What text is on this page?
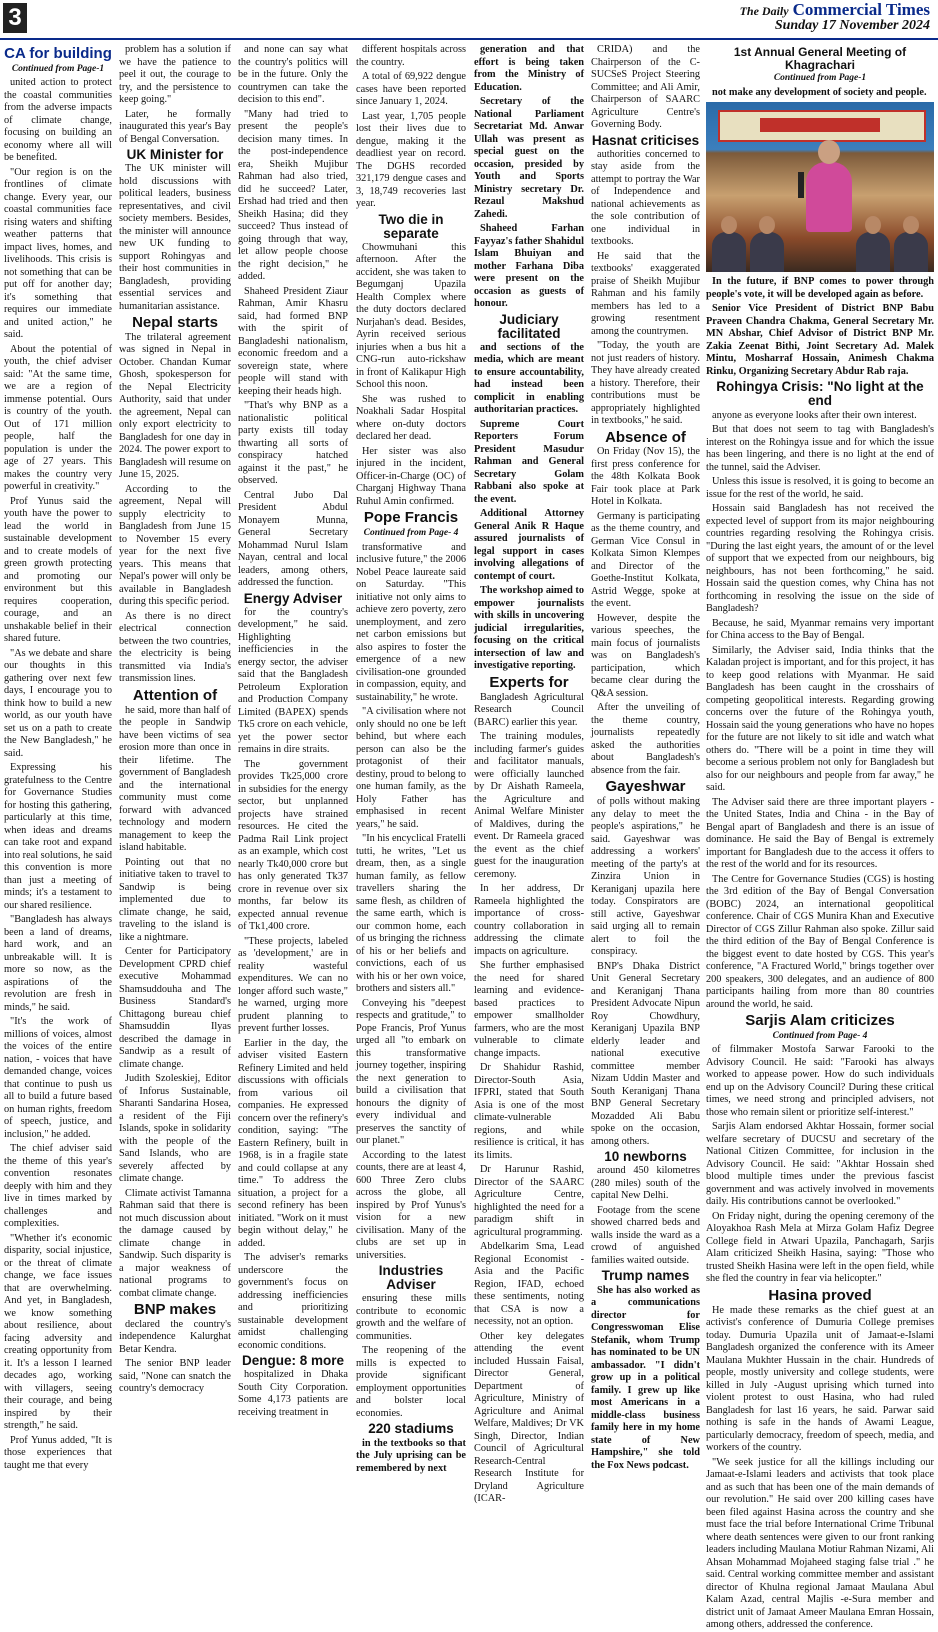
3	The Daily Commercial Times
Sunday 17 November 2024
CA for building
Continued from Page-1

united action to protect the coastal communities from the adverse impacts of climate change, focusing on building an economy where all will be benefited.

"Our region is on the frontlines of climate change. Every year, our coastal communities face rising waters and shifting weather patterns that impact lives, homes, and livelihoods. This crisis is not something that can be put off for another day; it's something that requires our immediate and united action," he said.

About the potential of youth, the chief adviser said: "At the same time, we are a region of immense potential. Ours is country of the youth. Out of 171 million people, half the population is under the age of 27 years. This makes the country very powerful in creativity."

Prof Yunus said the youth have the power to lead the world in sustainable development and to create models of green growth protecting and promoting our environment but this requires cooperation, courage, and an unshakable belief in their shared future.

"As we debate and share our thoughts in this gathering over next few days, I encourage you to think how to build a new world, as our youth have set us on a path to create the New Bangladesh," he said.

Expressing his gratefulness to the Centre for Governance Studies for hosting this gathering, particularly at this time, when ideas and dreams can take root and expand into real solutions, he said this convention is more than just a meeting of minds; it's a testament to our shared resilience.

"Bangladesh has always been a land of dreams, hard work, and an unbreakable will. It is more so now, as the aspirations of the revolution are fresh in minds," he said.

"It's the work of millions of voices, almost the voices of the entire nation, - voices that have demanded change, voices that continue to push us all to build a future based on human rights, freedom of speech, justice, and inclusion," he added.

The chief adviser said the theme of this year's convention resonates deeply with him and they live in times marked by challenges and complexities.

"Whether it's economic disparity, social injustice, or the threat of climate change, we face issues that are overwhelming. And yet, in Bangladesh, we know something about resilience, about facing adversity and creating opportunity from it. It's a lesson I learned decades ago, working with villagers, seeing their courage, and being inspired by their strength," he said.

Prof Yunus added, "It is those experiences that taught me that every

problem has a solution if we have the patience to peel it out, the courage to try, and the persistence to keep going."

Later, he formally inaugurated this year's Bay of Bengal Conversation.

UK Minister for

The UK minister will hold discussions with political leaders, business representatives, and civil society members. Besides, the minister will announce new UK funding to support Rohingyas and their host communities in Bangladesh, providing essential services and humanitarian assistance.

Nepal starts

The trilateral agreement was signed in Nepal in October. Chandan Kumar Ghosh, spokesperson for the Nepal Electricity Authority, said that under the agreement, Nepal can only export electricity to Bangladesh for one day in 2024. The power export to Bangladesh will resume on June 15, 2025.

According to the agreement, Nepal will supply electricity to Bangladesh from June 15 to November 15 every year for the next five years. This means that Nepal's power will only be available in Bangladesh during this specific period.

As there is no direct electrical connection between the two countries, the electricity is being transmitted via India's transmission lines.

Attention of

he said, more than half of the people in Sandwip have been victims of sea erosion more than once in their lifetime. The government of Bangladesh and the international community must come forward with advanced technology and modern management to keep the island habitable.

Pointing out that no initiative taken to travel to Sandwip is being implemented due to climate change, he said, traveling to the island is like a nightmare.

Center for Participatory Development CPRD chief executive Mohammad Shamsuddouha and The Business Standard's Chittagong bureau chief Shamsuddin Ilyas described the damage in Sandwip as a result of climate change.

Judith Szoleskiej, Editor of Inforus Sustainable, Sharanti Sandarina Hosea, a resident of the Fiji Islands, spoke in solidarity with the people of the Sand Islands, who are severely affected by climate change.

Climate activist Tamanna Rahman said that there is not much discussion about the damage caused by climate change in Sandwip. Such disparity is a major weakness of national programs to combat climate change.

BNP makes

declared the country's independence Kalurghat Betar Kendra.

The senior BNP leader said, "None can snatch the country's democracy

and none can say what the country's politics will be in the future. Only the countrymen can take the decision to this end".

"Many had tried to present the people's decision many times. In the post-independence era, Sheikh Mujibur Rahman had also tried, did he succeed? Later, Ershad had tried and then Sheikh Hasina; did they succeed? Thus instead of going through that way, let allow people choose the right decision," he added.

Shaheed President Ziaur Rahman, Amir Khasru said, had formed BNP with the spirit of Bangladeshi nationalism, economic freedom and a sovereign state, where people will stand with keeping their heads high.

"That's why BNP as a nationalistic political party exists till today thwarting all sorts of conspiracy hatched against it the past," he observed.

Central Jubo Dal President Abdul Monayem Munna, General Secretary Mohammad Nurul Islam Nayan, central and local leaders, among others, addressed the function.

Energy Adviser

for the country's development," he said. Highlighting inefficiencies in the energy sector, the adviser said that the Bangladesh Petroleum Exploration and Production Company Limited (BAPEX) spends Tk5 crore on each vehicle, yet the power sector remains in dire straits.

The government provides Tk25,000 crore in subsidies for the energy sector, but unplanned projects have strained resources. He cited the Padma Rail Link project as an example, which cost nearly Tk40,000 crore but has only generated Tk37 crore in revenue over six months, far below its expected annual revenue of Tk1,400 crore.

"These projects, labeled as 'development,' are in reality wasteful expenditures. We can no longer afford such waste," he warned, urging more prudent planning to prevent further losses.

Earlier in the day, the adviser visited Eastern Refinery Limited and held discussions with officials from various oil companies. He expressed concern over the refinery's condition, saying: "The Eastern Refinery, built in 1968, is in a fragile state and could collapse at any time." To address the situation, a project for a second refinery has been initiated. "Work on it must begin without delay," he added.

The adviser's remarks underscore the government's focus on addressing inefficiencies and prioritizing sustainable development amidst challenging economic conditions.

Dengue: 8 more

hospitalized in Dhaka South City Corporation. Some 4,173 patients are receiving treatment in

different hospitals across the country.

A total of 69,922 dengue cases have been reported since January 1, 2024.

Last year, 1,705 people lost their lives due to dengue, making it the deadliest year on record. The DGHS recorded 321,179 dengue cases and 3, 18,749 recoveries last year.

Two die in separate

Chowmuhani this afternoon. After the accident, she was taken to Begumganj Upazila Health Complex where the duty doctors declared Nurjahan's dead. Besides, Ayrin received serious injuries when a bus hit a CNG-run auto-rickshaw in front of Kalikapur High School this noon.

She was rushed to Noakhali Sadar Hospital where on-duty doctors declared her dead.

Her sister was also injured in the incident, Officer-in-Charge (OC) of Charganj Highway Thana Ruhul Amin confirmed.

Pope Francis
Continued from Page- 4

transformative and inclusive future," the 2006 Nobel Peace laureate said on Saturday. "This initiative not only aims to achieve zero poverty, zero unemployment, and zero net carbon emissions but also aspires to foster the emergence of a new civilisation-one grounded in compassion, equity, and sustainability," he wrote.

"A civilisation where not only should no one be left behind, but where each person can also be the protagonist of their destiny, proud to belong to one human family, as the Holy Father has emphasised in recent years," he said.

"In his encyclical Fratelli tutti, he writes, "Let us dream, then, as a single human family, as fellow travellers sharing the same flesh, as children of the same earth, which is our common home, each of us bringing the richness of his or her beliefs and convictions, each of us with his or her own voice, brothers and sisters all."

Conveying his "deepest respects and gratitude," to Pope Francis, Prof Yunus urged all "to embark on this transformative journey together, inspiring the next generation to build a civilisation that honours the dignity of every individual and preserves the sanctity of our planet."

According to the latest counts, there are at least 4, 600 Three Zero clubs across the globe, all inspired by Prof Yunus's vision for a new civilisation. Many of the clubs are set up in universities.

Industries Adviser

ensuring these mills contribute to economic growth and the welfare of communities.

The reopening of the mills is expected to provide significant employment opportunities and bolster local economies.

220 stadiums

in the textbooks so that the July uprising can be remembered by next

generation and that effort is being taken from the Ministry of Education.

Secretary of the National Parliament Secretariat Md. Anwar Ullah was present as special guest on the occasion, presided by Youth and Sports Ministry secretary Dr. Rezaul Makshud Zahedi.

Shaheed Farhan Fayyaz's father Shahidul Islam Bhuiyan and mother Farhana Diba were present on the occasion as guests of honour.

Judiciary facilitated

and sections of the media, which are meant to ensure accountability, had instead been complicit in enabling authoritarian practices.

Supreme Court Reporters Forum President Masudur Rahman and General Secretary Golam Rabbani also spoke at the event.

Additional Attorney General Anik R Haque assured journalists of legal support in cases involving allegations of contempt of court.

The workshop aimed to empower journalists with skills in uncovering judicial irregularities, focusing on the critical intersection of law and investigative reporting.

Experts for

Bangladesh Agricultural Research Council (BARC) earlier this year.

The training modules, including farmer's guides and facilitator manuals, were officially launched by Dr Aishath Rameela, the Agriculture and Animal Welfare Minister of Maldives, during the event. Dr Rameela graced the event as the chief guest for the inauguration ceremony.

In her address, Dr Rameela highlighted the importance of cross-country collaboration in addressing the climate impacts on agriculture.

She further emphasised the need for shared learning and evidence-based practices to empower smallholder farmers, who are the most vulnerable to climate change impacts.

Dr Shahidur Rashid, Director-South Asia, IFPRI, stated that South Asia is one of the most climate-vulnerable regions, and while resilience is critical, it has its limits.

Dr Harunur Rashid, Director of the SAARC Agriculture Centre, highlighted the need for a paradigm shift in agricultural programming.

Abdelkarim Sma, Lead Regional Economist - Asia and the Pacific Region, IFAD, echoed these sentiments, noting that CSA is now a necessity, not an option.

Other key delegates attending the event included Hussain Faisal, Director General, Department of Agriculture, Ministry of Agriculture and Animal Welfare, Maldives; Dr VK Singh, Director, Indian Council of Agricultural Research-Central Research Institute for Dryland Agriculture (ICAR-

CRIDA) and the Chairperson of the C-SUCSeS Project Steering Committee; and Ali Amir, Chairperson of SAARC Agriculture Centre's Governing Body.

Hasnat criticises

authorities concerned to stay aside from the attempt to portray the War of Independence and national achievements as the sole contribution of one individual in textbooks.

He said that the textbooks' exaggerated praise of Sheikh Mujibur Rahman and his family members has led to a growing resentment among the countrymen.

"Today, the youth are not just readers of history. They have already created a history. Therefore, their contributions must be appropriately highlighted in textbooks," he said.

Absence of

On Friday (Nov 15), the first press conference for the 48th Kolkata Book Fair took place at Park Hotel in Kolkata.

Germany is participating as the theme country, and German Vice Consul in Kolkata Simon Klempes and Director of the Goethe-Institut Kolkata, Astrid Wegge, spoke at the event.

However, despite the various speeches, the main focus of journalists was on Bangladesh's participation, which became clear during the Q&A session.

After the unveiling of the theme country, journalists repeatedly asked the authorities about Bangladesh's absence from the fair.

Gayeshwar

of polls without making any delay to meet the people's aspirations," he said. Gayeshwar was addressing a workers' meeting of the party's at Zinzira Union in Keraniganj upazila here today. Conspirators are still active, Gayeshwar said urging all to remain alert to foil the conspiracy.

BNP's Dhaka District Unit General Secretary and Keraniganj Thana President Advocate Nipun Roy Chowdhury, Keraniganj Upazila BNP elderly leader and national executive committee member Nizam Uddin Master and South Keraniganj Thana BNP General Secretary Mozadded Ali Babu spoke on the occasion, among others.

10 newborns

around 450 kilometres (280 miles) south of the capital New Delhi.

Footage from the scene showed charred beds and walls inside the ward as a crowd of anguished families waited outside.

Trump names

She has also worked as a communications director for Congresswoman Elise Stefanik, whom Trump has nominated to be UN ambassador. "I didn't grow up in a political family. I grew up like most Americans in a middle-class business family here in my home state of New Hampshire," she told the Fox News podcast.

1st Annual General Meeting of Khagrachari
Continued from Page-1

not make any development of society and people.

In the future, if BNP comes to power through people's vote, it will be developed again as before.

Senior Vice President of District BNP Babu Praveen Chandra Chakma, General Secretary Mr. MN Abshar, Chief Advisor of District BNP Mr. Zakia Zeenat Bithi, Joint Secretary Ad. Malek Mintu, Mosharraf Hossain, Animesh Chakma Rinku, Organizing Secretary Abdur Rab raja.

Rohingya Crisis: "No light at the end

anyone as everyone looks after their own interest.

But that does not seem to tag with Bangladesh's interest on the Rohingya issue and for which the issue has been lingering, and there is no light at the end of the tunnel, said the Adviser.

Unless this issue is resolved, it is going to become an issue for the rest of the world, he said.

Hossain said Bangladesh has not received the expected level of support from its major neighbouring countries regarding resolving the Rohingya crisis. "During the last eight years, the amount of or the level of support that we expected from our neighbours, big neighbours, has not been forthcoming," he said. Hossain said the question comes, why China has not forthcoming in resolving the issue on the side of Bangladesh?

Because, he said, Myanmar remains very important for China access to the Bay of Bengal.

Similarly, the Adviser said, India thinks that the Kaladan project is important, and for this project, it has to keep good relations with Myanmar. He said Bangladesh has been caught in the crosshairs of competing geopolitical interests. Regarding growing concerns over the future of the Rohingya youth, Hossain said the young generations who have no hopes for the future are not likely to sit idle and watch what others do. "There will be a point in time they will become a serious problem not only for Bangladesh but also for our neighbours and people from far away," he said.

The Adviser said there are three important players - the United States, India and China - in the Bay of Bengal apart of Bangladesh and there is an issue of dominance. He said the Bay of Bengal is extremely important for Bangladesh due to the access it offers to the rest of the world and for its resources.

The Centre for Governance Studies (CGS) is hosting the 3rd edition of the Bay of Bengal Conversation (BOBC) 2024, an international geopolitical conference. Chair of CGS Munira Khan and Executive Director of CGS Zillur Rahman also spoke. Zillur said the third edition of the Bay of Bengal Conference is the biggest event to date hosted by CGS. This year's conference, "A Fractured World," brings together over 200 speakers, 300 delegates, and an audience of 800 participants hailing from more than 80 countries around the world, he said.

Sarjis Alam criticizes
Continued from Page- 4

of filmmaker Mostofa Sarwar Farooki to the Advisory Council. He said: "Farooki has always worked to appease power. How do such individuals end up on the Advisory Council? During these critical times, we need strong and principled advisers, not those who remain silent or prioritize self-interest."

Sarjis Alam endorsed Akhtar Hossain, former social welfare secretary of DUCSU and secretary of the National Citizen Committee, for inclusion in the Advisory Council. He said: "Akhtar Hossain shed blood multiple times under the previous fascist government and was actively involved in movements daily. His contributions cannot be overlooked."

On Friday night, during the opening ceremony of the Aloyakhoa Rash Mela at Mirza Golam Hafiz Degree College field in Atwari Upazila, Panchagarh, Sarjis Alam criticized Sheikh Hasina, saying: "Those who trusted Sheikh Hasina were left in the open field, while she fled the country in fear via helicopter."

Hasina proved

He made these remarks as the chief guest at an activist's conference of Dumuria College premises today. Dumuria Upazila unit of Jamaat-e-Islami Bangladesh organized the conference with its Ameer Maulana Mukhter Hussain in the chair. Hundreds of people, mostly university and college students, were killed in July -August uprising which turned into violent protest to oust Hasina, who had ruled Bangladesh for last 16 years, he said. Parwar said nothing is safe in the hands of Awami League, particularly democracy, freedom of speech, media, and workers of the country.

"We seek justice for all the killings including our Jamaat-e-Islami leaders and activists that took place and as such that has been one of the main demands of our revolution." He said over 200 killing cases have been filed against Hasina across the country and she must face the trial before International Crime Tribunal where death sentences were given to our front ranking leaders including Maulana Motiur Rahman Nizami, Ali Ahsan Mohammad Mojaheed staging false trial ." he said. Central working committee member and assistant director of Khulna regional Jamaat Maulana Abul Kalam Azad, central Majlis -e-Sura member and district unit of Jamaat Ameer Maulana Emran Hossain, among others, addressed the conference.
